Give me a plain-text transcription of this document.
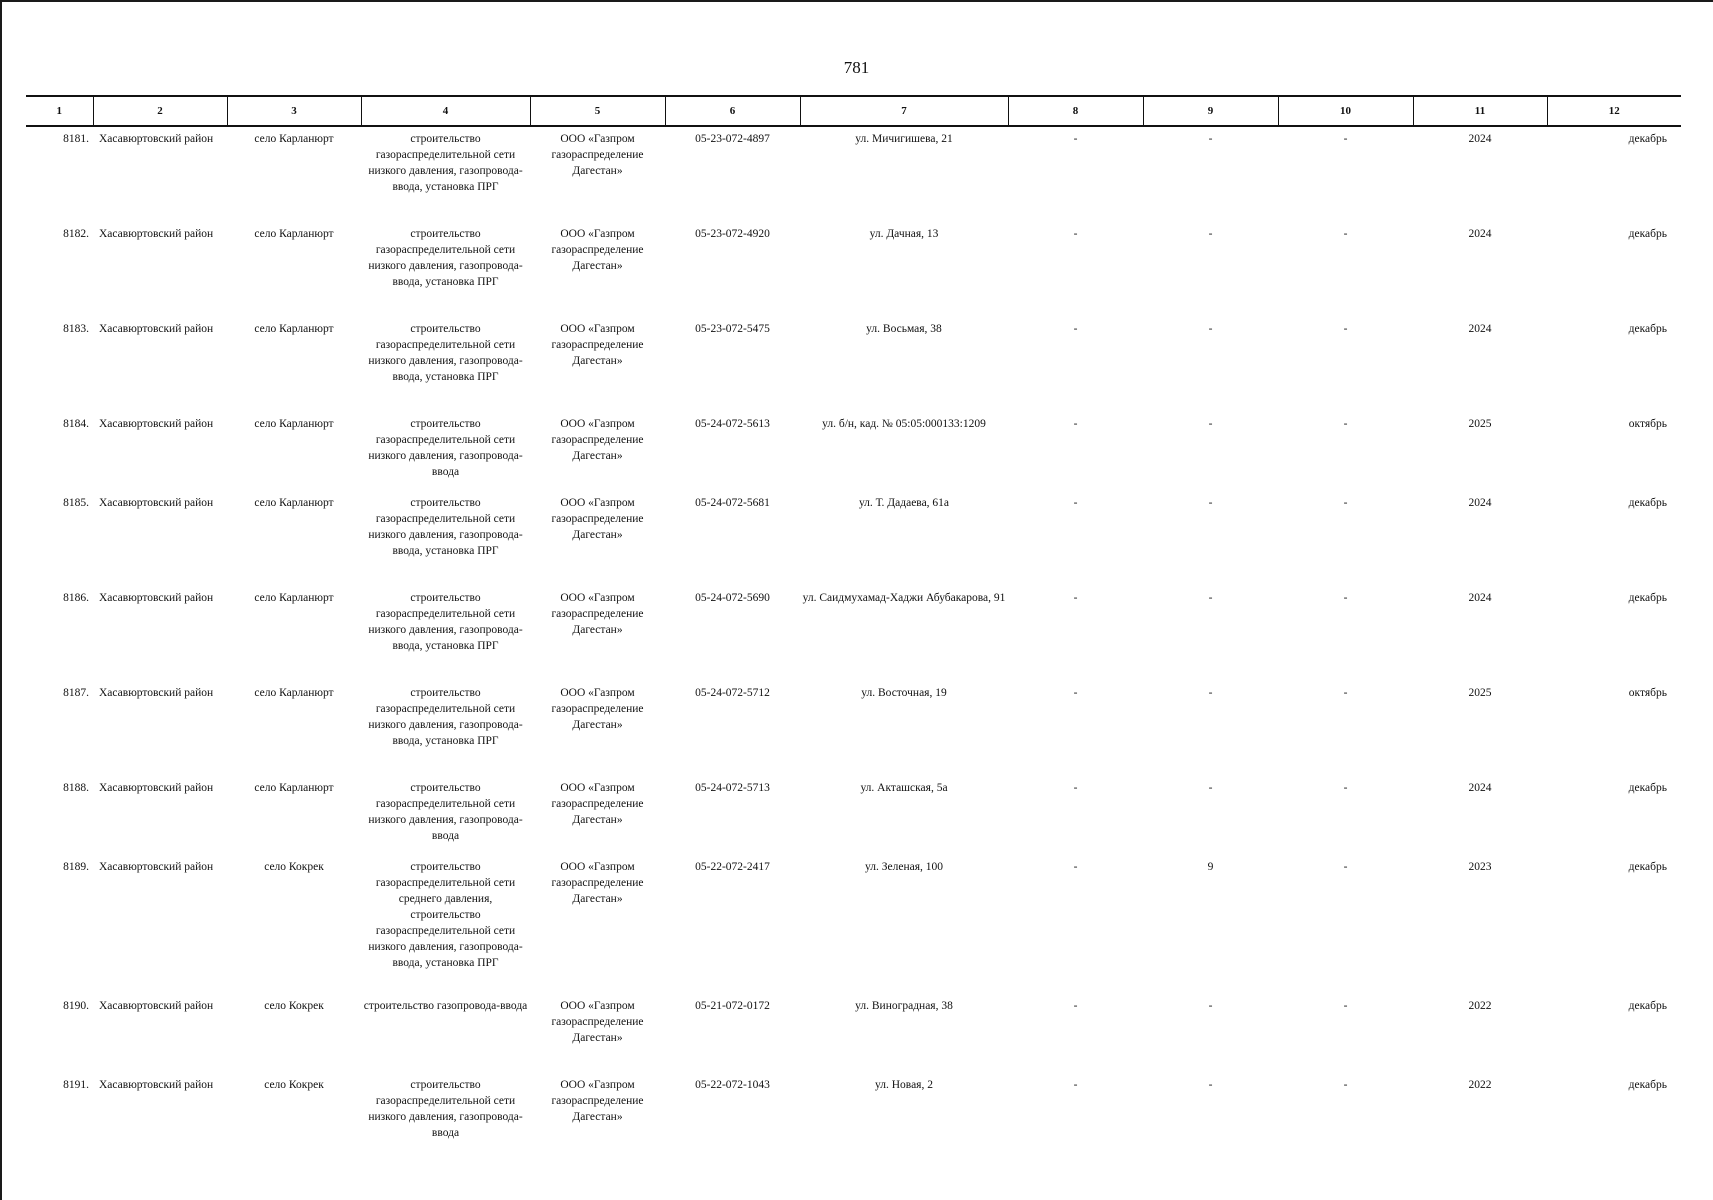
781
1	2	3	4	5	6	7	8	9	10	11	12
8181.	Хасавюртовский район	село Карланюрт	строительство газораспределительной сети низкого давления, газопровода-ввода, установка ПРГ	ООО «Газпром газораспределение Дагестан»	05-23-072-4897	ул. Мичигишева, 21	-	-	-	2024	декабрь
8182.	Хасавюртовский район	село Карланюрт	строительство газораспределительной сети низкого давления, газопровода-ввода, установка ПРГ	ООО «Газпром газораспределение Дагестан»	05-23-072-4920	ул. Дачная, 13	-	-	-	2024	декабрь
8183.	Хасавюртовский район	село Карланюрт	строительство газораспределительной сети низкого давления, газопровода-ввода, установка ПРГ	ООО «Газпром газораспределение Дагестан»	05-23-072-5475	ул. Восьмая, 38	-	-	-	2024	декабрь
8184.	Хасавюртовский район	село Карланюрт	строительство газораспределительной сети низкого давления, газопровода-ввода	ООО «Газпром газораспределение Дагестан»	05-24-072-5613	ул. б/н, кад. № 05:05:000133:1209	-	-	-	2025	октябрь
8185.	Хасавюртовский район	село Карланюрт	строительство газораспределительной сети низкого давления, газопровода-ввода, установка ПРГ	ООО «Газпром газораспределение Дагестан»	05-24-072-5681	ул. Т. Дадаева, 61а	-	-	-	2024	декабрь
8186.	Хасавюртовский район	село Карланюрт	строительство газораспределительной сети низкого давления, газопровода-ввода, установка ПРГ	ООО «Газпром газораспределение Дагестан»	05-24-072-5690	ул. Саидмухамад-Хаджи Абубакарова, 91	-	-	-	2024	декабрь
8187.	Хасавюртовский район	село Карланюрт	строительство газораспределительной сети низкого давления, газопровода-ввода, установка ПРГ	ООО «Газпром газораспределение Дагестан»	05-24-072-5712	ул. Восточная, 19	-	-	-	2025	октябрь
8188.	Хасавюртовский район	село Карланюрт	строительство газораспределительной сети низкого давления, газопровода-ввода	ООО «Газпром газораспределение Дагестан»	05-24-072-5713	ул. Акташская, 5а	-	-	-	2024	декабрь
8189.	Хасавюртовский район	село Кокрек	строительство газораспределительной сети среднего давления, строительство газораспределительной сети низкого давления, газопровода-ввода, установка ПРГ	ООО «Газпром газораспределение Дагестан»	05-22-072-2417	ул. Зеленая, 100	-	9	-	2023	декабрь
8190.	Хасавюртовский район	село Кокрек	строительство газопровода-ввода	ООО «Газпром газораспределение Дагестан»	05-21-072-0172	ул. Виноградная, 38	-	-	-	2022	декабрь
8191.	Хасавюртовский район	село Кокрек	строительство газораспределительной сети низкого давления, газопровода-ввода	ООО «Газпром газораспределение Дагестан»	05-22-072-1043	ул. Новая, 2	-	-	-	2022	декабрь
